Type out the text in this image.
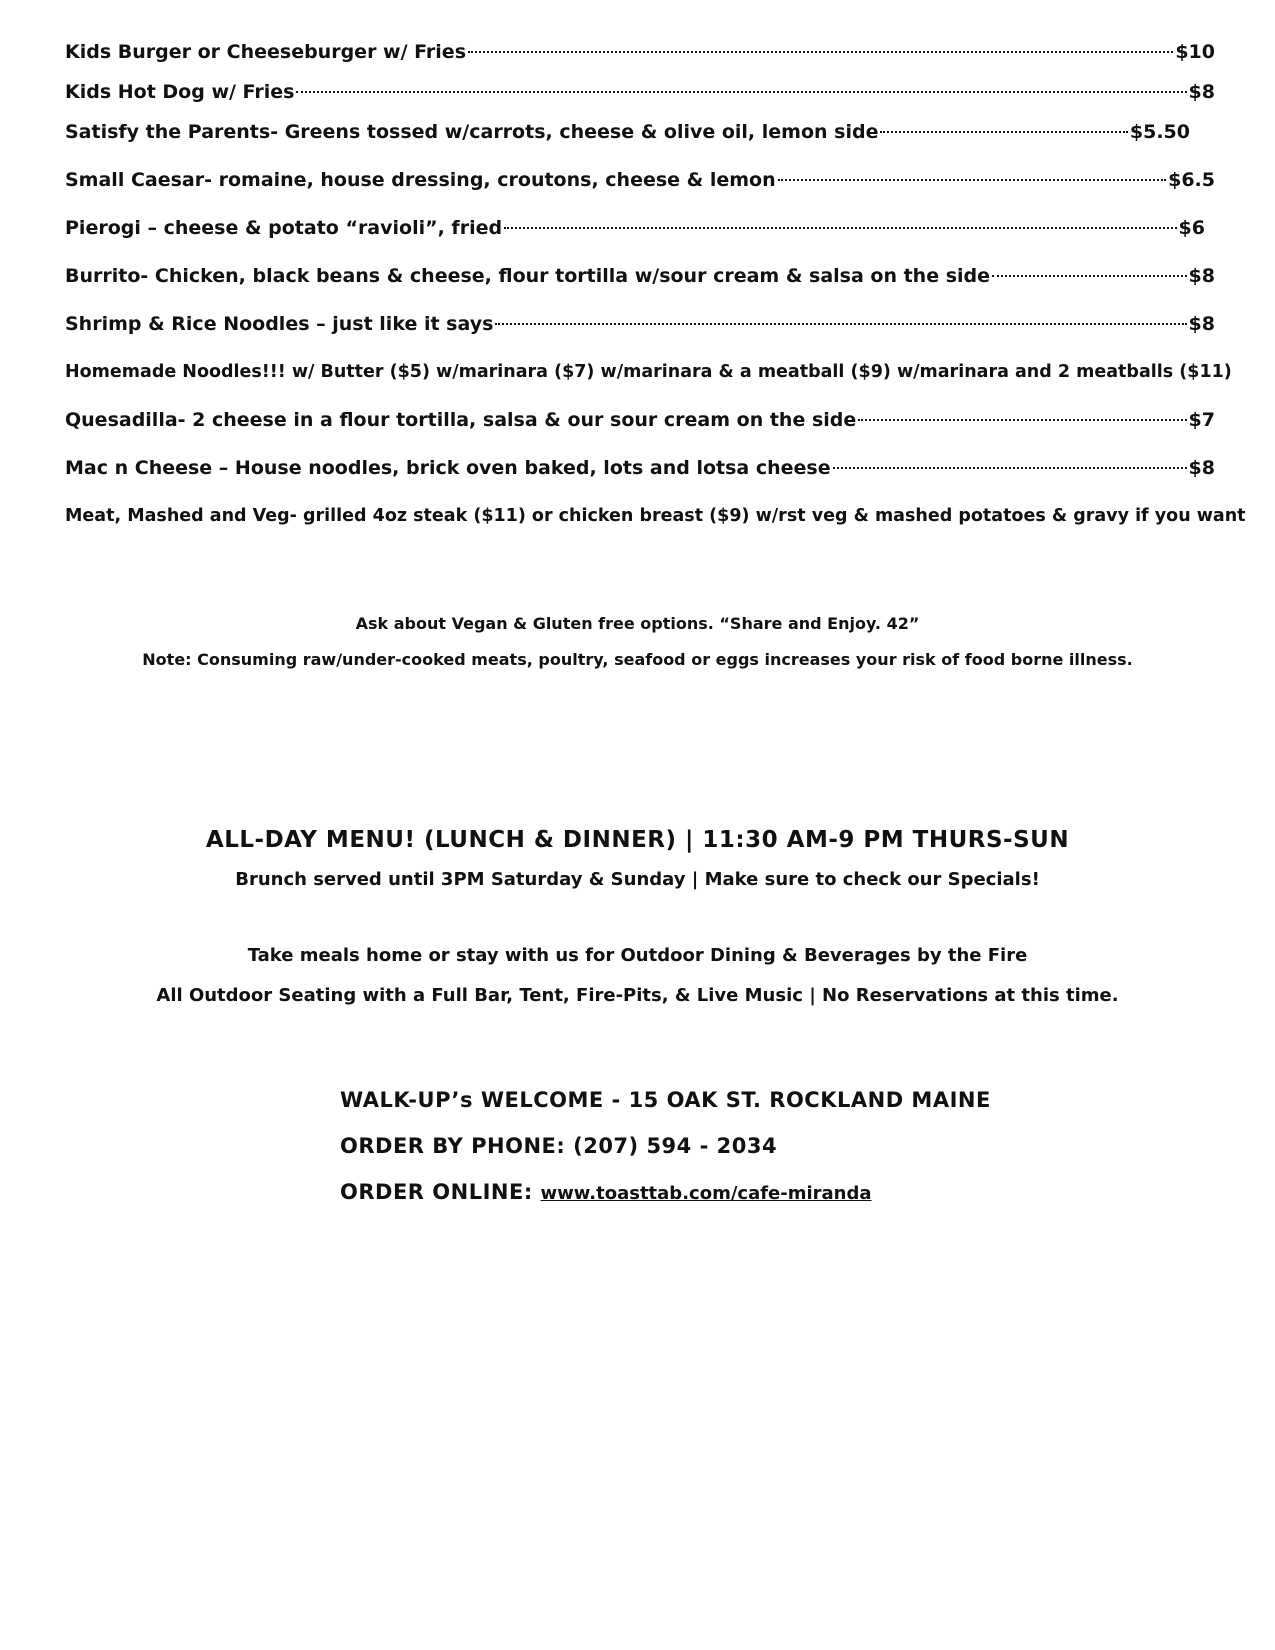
Kids Burger or Cheeseburger w/ Fries	$10
Kids Hot Dog w/ Fries	$8
Satisfy the Parents- Greens tossed w/carrots, cheese & olive oil, lemon side	$5.50
Small Caesar- romaine, house dressing, croutons, cheese & lemon	$6.5
Pierogi – cheese & potato “ravioli”, fried	$6
Burrito- Chicken, black beans & cheese, flour tortilla w/sour cream & salsa on the side	$8
Shrimp & Rice Noodles – just like it says	$8
Homemade Noodles!!! w/ Butter ($5) w/marinara ($7) w/marinara & a meatball ($9) w/marinara and 2 meatballs ($11)
Quesadilla- 2 cheese in a flour tortilla, salsa & our sour cream on the side	$7
Mac n Cheese – House noodles, brick oven baked, lots and lotsa cheese	$8
Meat, Mashed and Veg- grilled 4oz steak ($11) or chicken breast ($9) w/rst veg & mashed potatoes & gravy if you want
Ask about Vegan & Gluten free options. “Share and Enjoy. 42”
Note: Consuming raw/under-cooked meats, poultry, seafood or eggs increases your risk of food borne illness.
ALL-DAY MENU! (LUNCH & DINNER) | 11:30 AM-9 PM THURS-SUN
Brunch served until 3PM Saturday & Sunday | Make sure to check our Specials!
Take meals home or stay with us for Outdoor Dining & Beverages by the Fire
All Outdoor Seating with a Full Bar, Tent, Fire-Pits, & Live Music | No Reservations at this time.
WALK-UP’s WELCOME - 15 OAK ST. ROCKLAND MAINE
ORDER BY PHONE: (207) 594 - 2034
ORDER ONLINE: www.toasttab.com/cafe-miranda
